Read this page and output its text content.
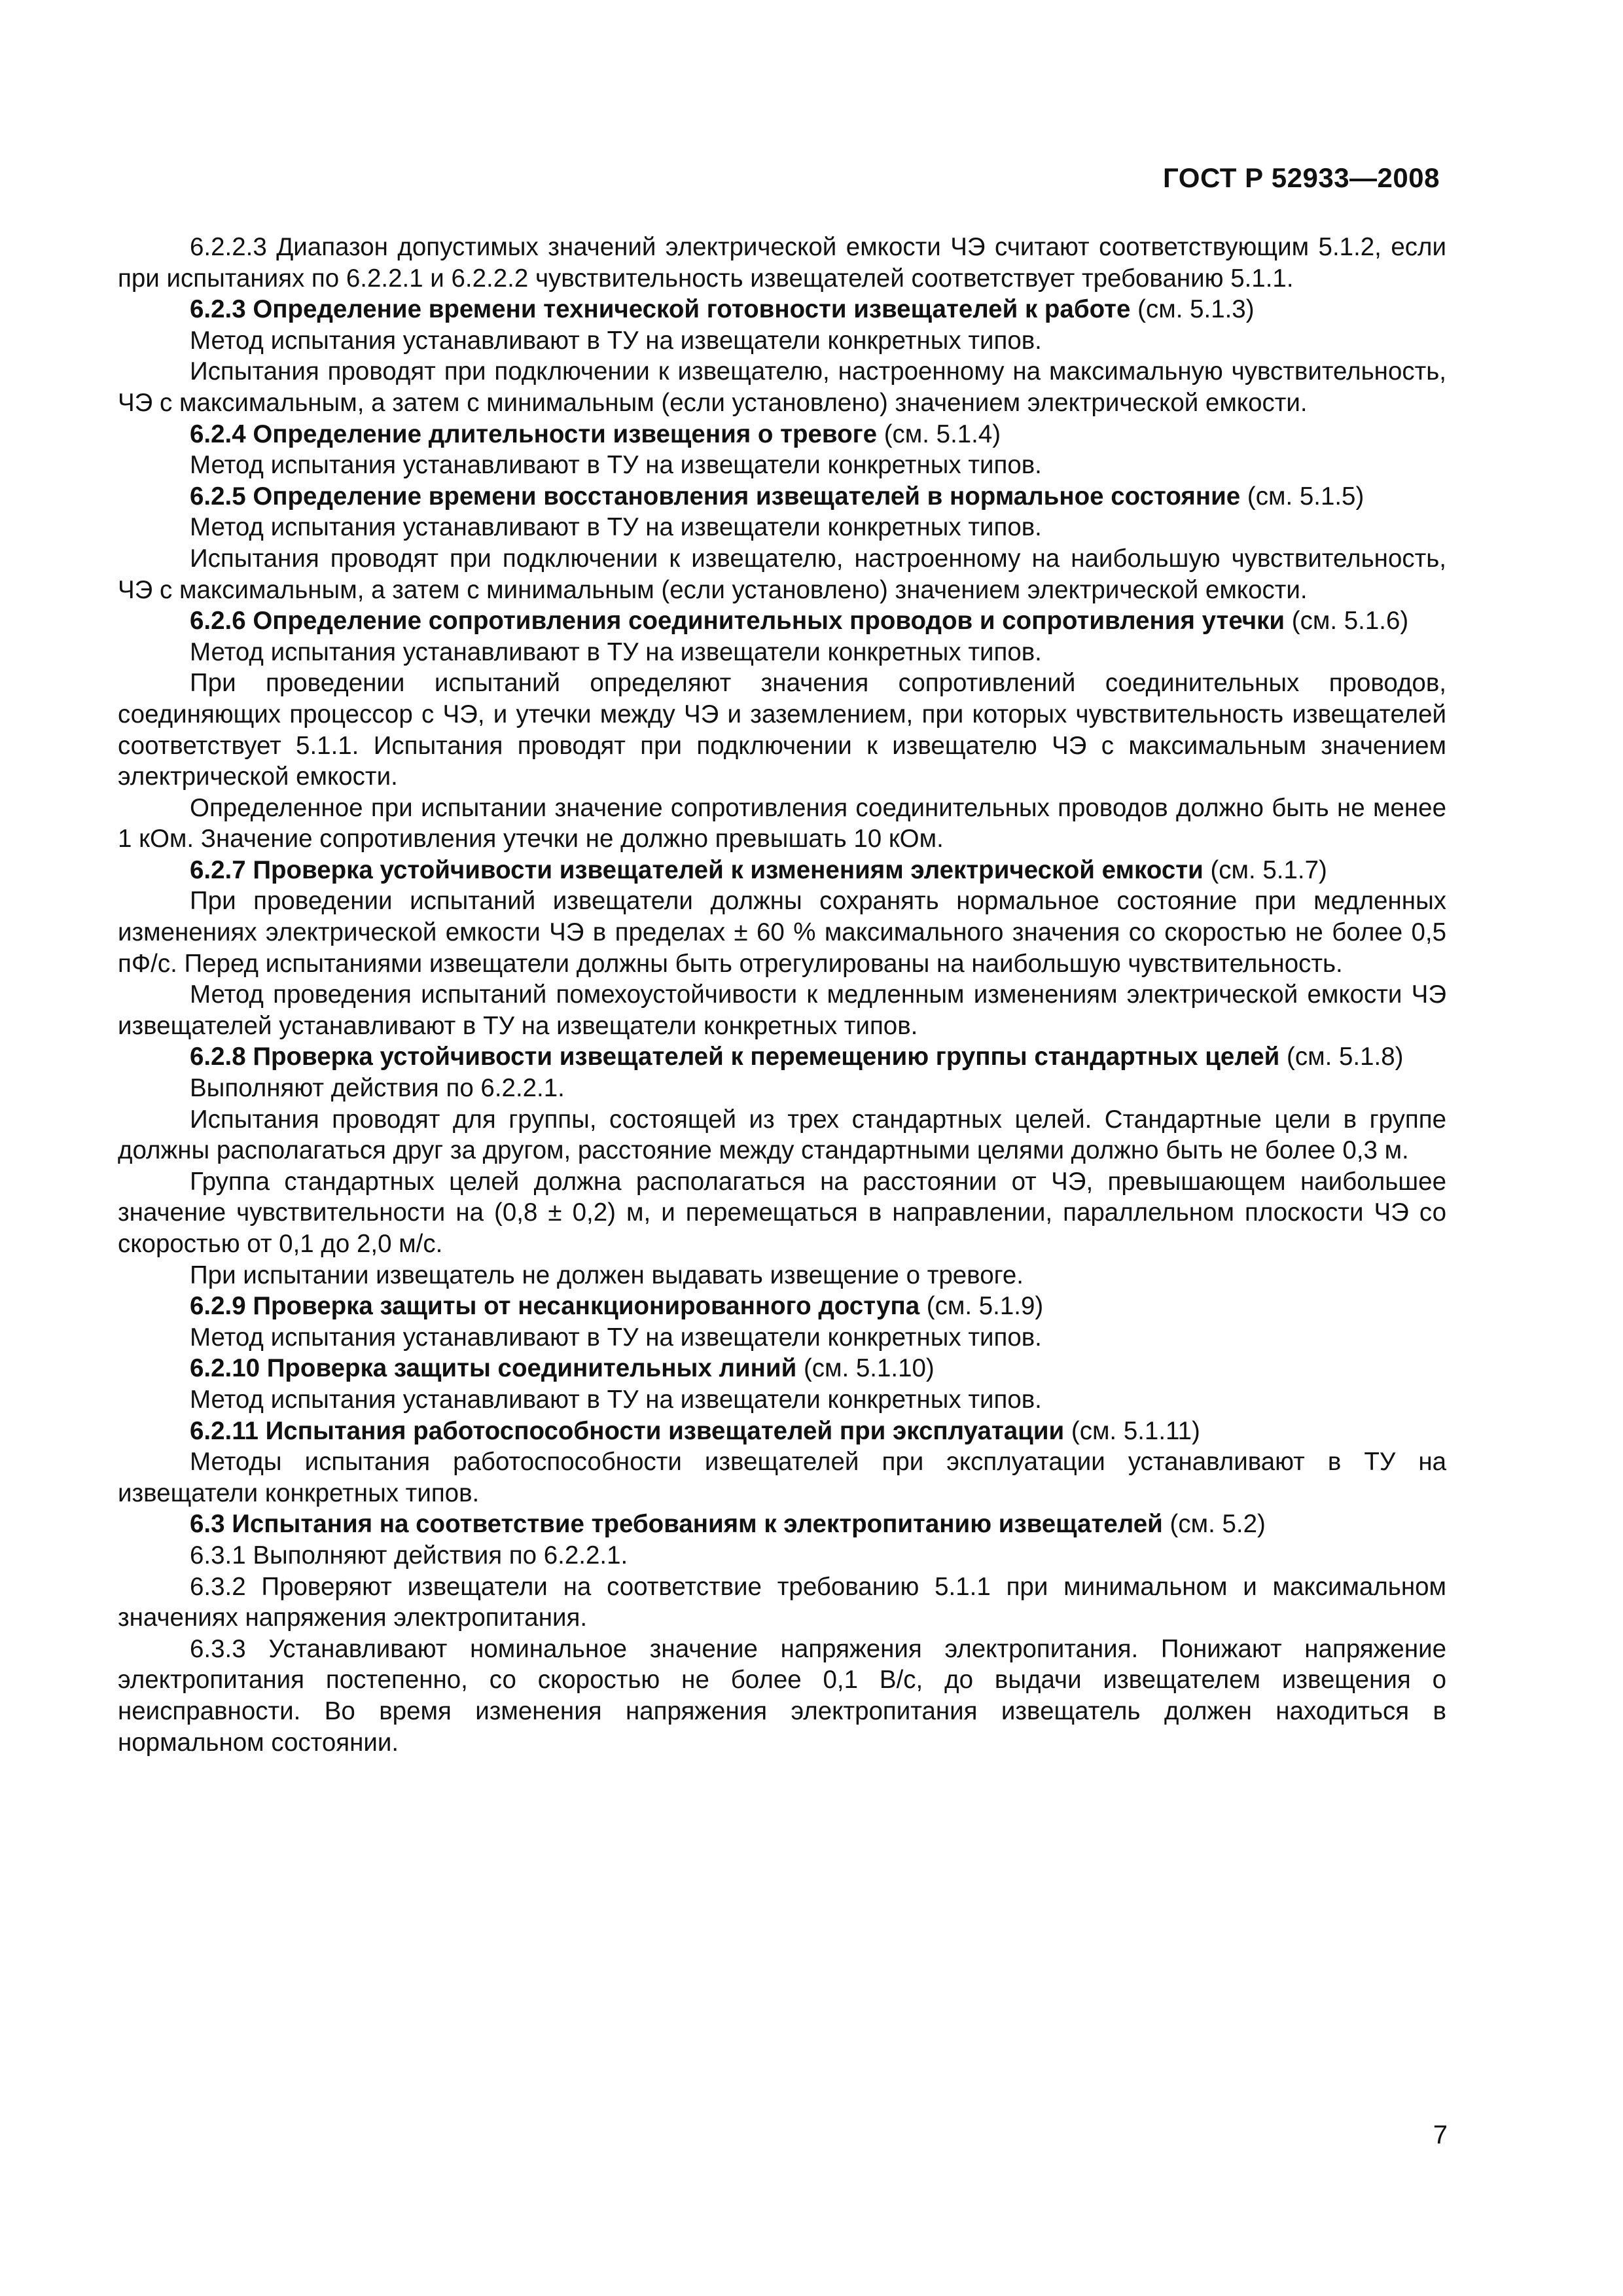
ГОСТ Р 52933—2008

6.2.2.3 Диапазон допустимых значений электрической емкости ЧЭ считают соответствующим 5.1.2, если при испытаниях по 6.2.2.1 и 6.2.2.2 чувствительность извещателей соответствует требованию 5.1.1.

6.2.3 Определение времени технической готовности извещателей к работе (см. 5.1.3)

Метод испытания устанавливают в ТУ на извещатели конкретных типов.

Испытания проводят при подключении к извещателю, настроенному на максимальную чувствительность, ЧЭ с максимальным, а затем с минимальным (если установлено) значением электрической емкости.

6.2.4 Определение длительности извещения о тревоге (см. 5.1.4)

Метод испытания устанавливают в ТУ на извещатели конкретных типов.

6.2.5 Определение времени восстановления извещателей в нормальное состояние (см. 5.1.5)

Метод испытания устанавливают в ТУ на извещатели конкретных типов.

Испытания проводят при подключении к извещателю, настроенному на наибольшую чувствительность, ЧЭ с максимальным, а затем с минимальным (если установлено) значением электрической емкости.

6.2.6 Определение сопротивления соединительных проводов и сопротивления утечки (см. 5.1.6)

Метод испытания устанавливают в ТУ на извещатели конкретных типов.

При проведении испытаний определяют значения сопротивлений соединительных проводов, соединяющих процессор с ЧЭ, и утечки между ЧЭ и заземлением, при которых чувствительность извещателей соответствует 5.1.1. Испытания проводят при подключении к извещателю ЧЭ с максимальным значением электрической емкости.

Определенное при испытании значение сопротивления соединительных проводов должно быть не менее 1 кОм. Значение сопротивления утечки не должно превышать 10 кОм.

6.2.7 Проверка устойчивости извещателей к изменениям электрической емкости (см. 5.1.7)

При проведении испытаний извещатели должны сохранять нормальное состояние при медленных изменениях электрической емкости ЧЭ в пределах ± 60 % максимального значения со скоростью не более 0,5 пФ/с. Перед испытаниями извещатели должны быть отрегулированы на наибольшую чувствительность.

Метод проведения испытаний помехоустойчивости к медленным изменениям электрической емкости ЧЭ извещателей устанавливают в ТУ на извещатели конкретных типов.

6.2.8 Проверка устойчивости извещателей к перемещению группы стандартных целей (см. 5.1.8)

Выполняют действия по 6.2.2.1.

Испытания проводят для группы, состоящей из трех стандартных целей. Стандартные цели в группе должны располагаться друг за другом, расстояние между стандартными целями должно быть не более 0,3 м.

Группа стандартных целей должна располагаться на расстоянии от ЧЭ, превышающем наибольшее значение чувствительности на (0,8 ± 0,2) м, и перемещаться в направлении, параллельном плоскости ЧЭ со скоростью от 0,1 до 2,0 м/с.

При испытании извещатель не должен выдавать извещение о тревоге.

6.2.9 Проверка защиты от несанкционированного доступа (см. 5.1.9)

Метод испытания устанавливают в ТУ на извещатели конкретных типов.

6.2.10 Проверка защиты соединительных линий (см. 5.1.10)

Метод испытания устанавливают в ТУ на извещатели конкретных типов.

6.2.11 Испытания работоспособности извещателей при эксплуатации (см. 5.1.11)

Методы испытания работоспособности извещателей при эксплуатации устанавливают в ТУ на извещатели конкретных типов.

6.3 Испытания на соответствие требованиям к электропитанию извещателей (см. 5.2)

6.3.1 Выполняют действия по 6.2.2.1.

6.3.2 Проверяют извещатели на соответствие требованию 5.1.1 при минимальном и максимальном значениях напряжения электропитания.

6.3.3 Устанавливают номинальное значение напряжения электропитания. Понижают напряжение электропитания постепенно, со скоростью не более 0,1 В/с, до выдачи извещателем извещения о неисправности. Во время изменения напряжения электропитания извещатель должен находиться в нормальном состоянии.

7
